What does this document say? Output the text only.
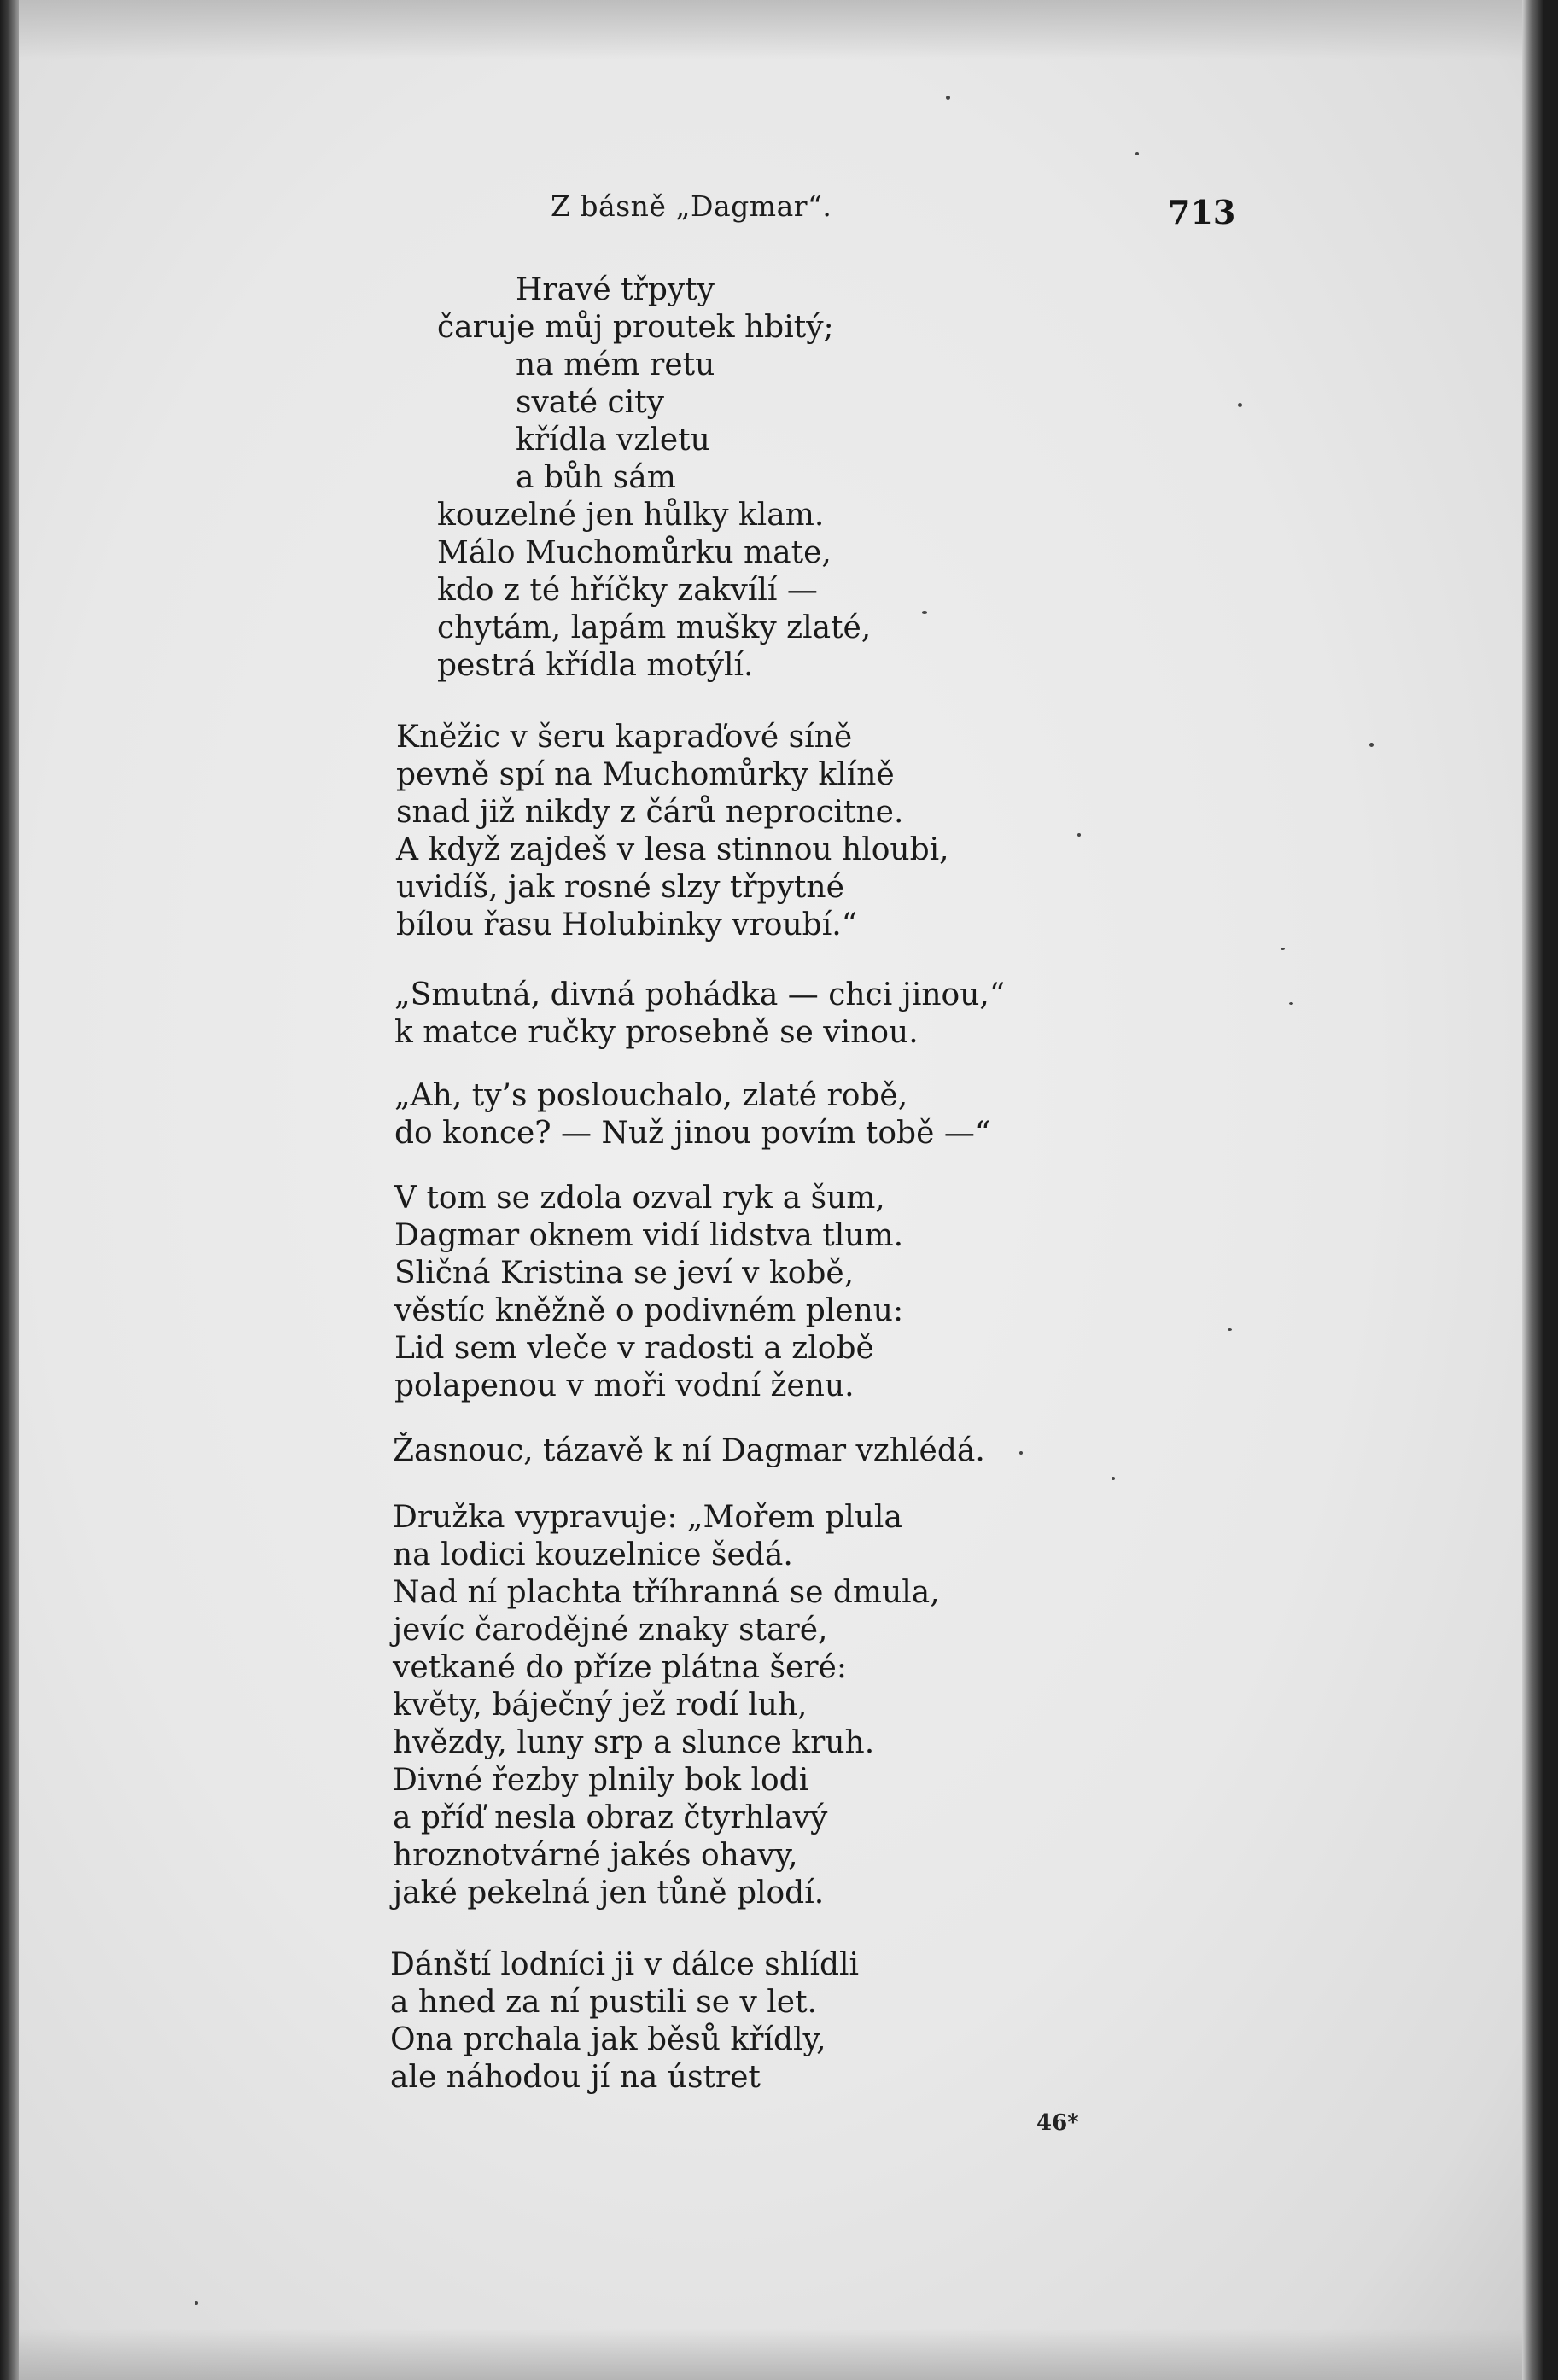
Z básně „Dagmar“.	713
Hravé třpyty
čaruje můj proutek hbitý;
na mém retu
svaté city
křídla vzletu
a bůh sám
kouzelné jen hůlky klam.
Málo Muchomůrku mate,
kdo z té hříčky zakvílí —
chytám, lapám mušky zlaté,
pestrá křídla motýlí.
Kněžic v šeru kapraďové síně
pevně spí na Muchomůrky klíně
snad již nikdy z čárů neprocitne.
A když zajdeš v lesa stinnou hloubi,
uvidíš, jak rosné slzy třpytné
bílou řasu Holubinky vroubí.“
„Smutná, divná pohádka — chci jinou,“
k matce ručky prosebně se vinou.
„Ah, ty’s poslouchalo, zlaté robě,
do konce? — Nuž jinou povím tobě —“
V tom se zdola ozval ryk a šum,
Dagmar oknem vidí lidstva tlum.
Sličná Kristina se jeví v kobě,
věstíc kněžně o podivném plenu:
Lid sem vleče v radosti a zlobě
polapenou v moři vodní ženu.
Žasnouc, tázavě k ní Dagmar vzhlédá.
Družka vypravuje: „Mořem plula
na lodici kouzelnice šedá.
Nad ní plachta tříhranná se dmula,
jevíc čarodějné znaky staré,
vetkané do příze plátna šeré:
květy, báječný jež rodí luh,
hvězdy, luny srp a slunce kruh.
Divné řezby plnily bok lodi
a příď nesla obraz čtyrhlavý
hroznotvárné jakés ohavy,
jaké pekelná jen tůně plodí.
Dánští lodníci ji v dálce shlídli
a hned za ní pustili se v let.
Ona prchala jak běsů křídly,
ale náhodou jí na ústret
46*
